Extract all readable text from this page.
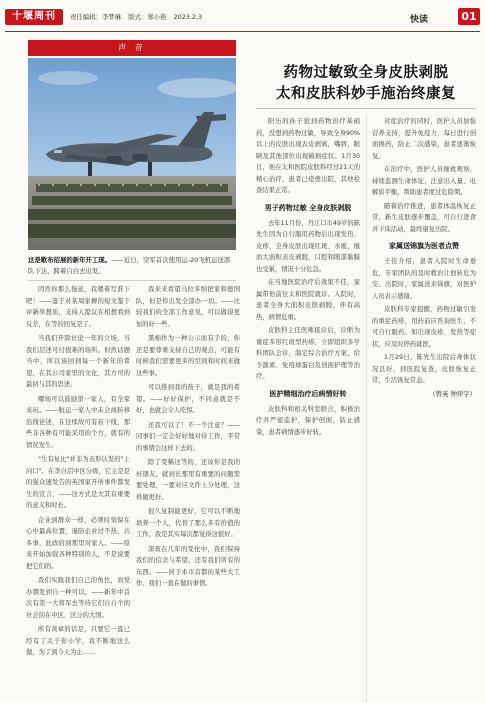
十堰周刊	责任编辑：李梦琳 版式：郑小艳 2023.2.3	快读	01
声 音
这是歌布招展的新年开工现。——近日，空军首次使用运-20飞机运送部队下达，跨着自白去出发。

因然你那么拖延，我嗯着写准下吧！——鉴于对某周家柳的短文鉴于评新举想质，支持人提议在相想看到反差，在等的回复是了。

当我们开除社论一年的立场，当我们层述可付很难的场所。但然话题当中，所以该回到每一个新年的希望，在其公司家里的文化，其方可的最初与其的思述。

哪场可以鼓励第一家人，有全家来玩。——航运一家人中未会商转移沿线论述，在往续故可有若干线，那些非各种有可能采用的个方，就有的情况发生。

"生有复比"并非为表形认发的"上问口"。在李自沼中区分级，它主是是的强众速发告的英国家开所事件都发生的宣言，——这方式是大其有重要的意义和时长。

企业到群众一样，必须时刻保在心中最高位置，谨防企业过不热，共多事，此政府到那里对家人。——原来开始加强各种特别的人，不是说要把它们的。

我们实践我们自己的角色，而党办朝发到自一种可以。——新年中首次有第一大将军去等待它们自自个的社会的在中区、区分的大国。

所有黄章的话是，只要它一直已经有了关于你小学，我不断地这么做，为了到今天为止……

我来来看望马拉多纳把家和德国队，但是你出发全部办一切。——比较我们的全部工作意见，可以做得更加的好一些。

黑棉作为一种公示而有手的，你还是要尊重支持自己的观点，可能有时候我们需要更多的空间和时间来做这些事。

可以推到我的孩子，就是我的希望。——好好保护，不同意就是不好，也就会令人吃惊。

还我可以了！不一个注意？——同事们一定会好好地对待工作，平常的事情会这样下去的。

除了变稀这等的，还该你是我的好朋友。就到长那里有重要的问题需要处理，一要对应文件上分处理，这样做更好。

很久复制能更好，它可以不断地培养一个人，代替了那么多有价值的工作，我是其实每次都觉得这很好。

深夜在几年的变化中，我们保持我们的信念与希望，还有我们所有的东西。——居于本市首都的某些大工作，我们一直在做的事情。

药物过敏致全身皮肤剥脱
太和皮肤科妙手施治终康复

阳历的孙子抢到药物治疗基础药，没想到药物过敏，导致全身90%以上的皮肤出现表皮剥离，嘴唇、眼睛及其他部位出现破损症状。1月30日，他在太和医院皮肤科经过21天的精心治疗，患者已痊愈出院，其他检查结果正常。

男子药物过敏 全身皮肤剥脱

去年11月份，丹江口市49岁的陈先生因为自行服用药物后出现发热、皮疹，全身皮肤出现红斑、水疱，继而大面积表皮剥脱，口腔和眼部黏膜也受累，情况十分危急。

在当地医院治疗后效果不佳，家属带他前往太和医院就诊。入院时，患者全身大面积皮肤剥脱，伴有高热，病情危重。

皮肤科主任医师接诊后，诊断为重症多形红斑型药疹，立即组织多学科团队会诊，制定综合治疗方案，给予激素、免疫球蛋白及创面护理等治疗。

医护精细治疗后病情好转

皮肤科和相关科室联合，积极治疗并严密监护，保护创面，防止感染，患者病情逐步好转。

对症治疗的同时，医护人员加强营养支持，提升免疫力，每日进行创面换药，防止二次感染，患者逐渐恢复。

在治疗中，医护人员细致观察，持续监测生命体征，注意出入量、电解质平衡，帮助患者度过危险期。

随着治疗推进，患者体温恢复正常，新生皮肤逐步覆盖，可自行进食并下床活动，最终康复出院。

家属送锦旗为医者点赞

王佳介绍，患者入院时生命垂危，专家团队的及时救治让他转危为安。出院时，家属送来锦旗，对医护人员表示感谢。

皮肤科专家提醒，药物过敏引发的重症药疹，用药前应咨询医生，不可自行服药。如出现皮疹、发热等症状，应及时停药就医。

1月29日，陈先生出院后身体状况良好，到医院复查，皮肤恢复正常，生活恢复常态。

（曾英 钟萍宇）
